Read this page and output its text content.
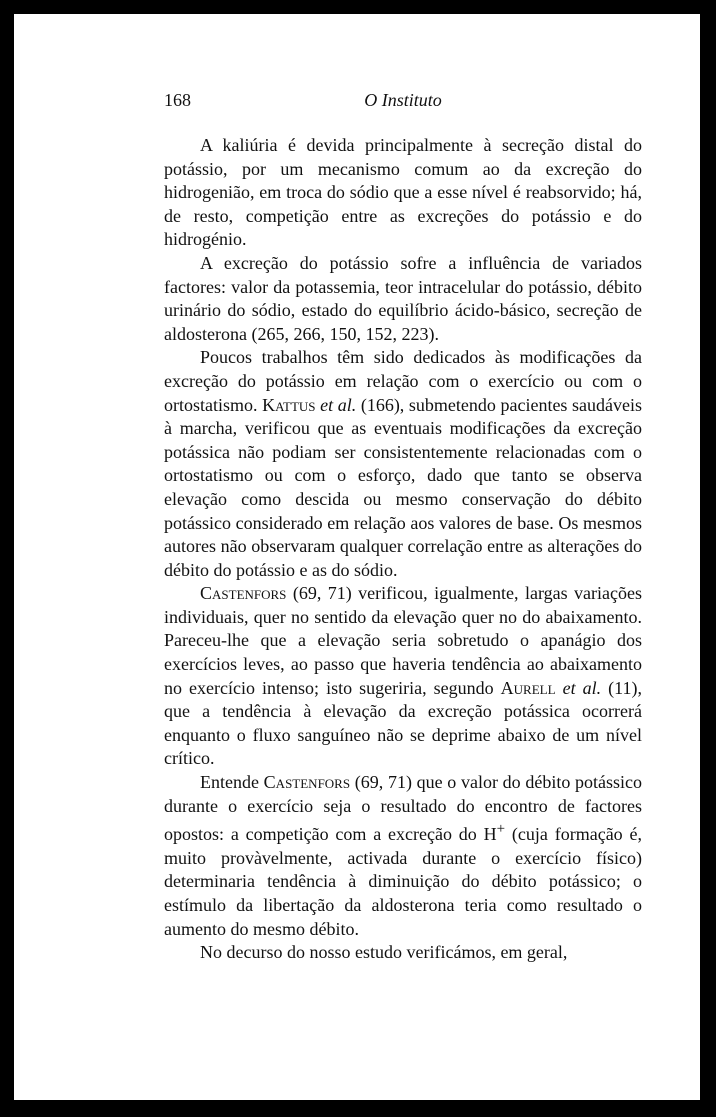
168	O Instituto

A kaliúria é devida principalmente à secreção distal do potássio, por um mecanismo comum ao da excreção do hidrogenião, em troca do sódio que a esse nível é reabsorvido; há, de resto, competição entre as excreções do potássio e do hidrogénio.

A excreção do potássio sofre a influência de variados factores: valor da potassemia, teor intracelular do potássio, débito urinário do sódio, estado do equilíbrio ácido-básico, secreção de aldosterona (265, 266, 150, 152, 223).

Poucos trabalhos têm sido dedicados às modificações da excreção do potássio em relação com o exercício ou com o ortostatismo. Kattus et al. (166), submetendo pacientes saudáveis à marcha, verificou que as eventuais modificações da excreção potássica não podiam ser consistentemente relacionadas com o ortostatismo ou com o esforço, dado que tanto se observa elevação como descida ou mesmo conservação do débito potássico considerado em relação aos valores de base. Os mesmos autores não observaram qualquer correlação entre as alterações do débito do potássio e as do sódio.

Castenfors (69, 71) verificou, igualmente, largas variações individuais, quer no sentido da elevação quer no do abaixamento. Pareceu-lhe que a elevação seria sobretudo o apanágio dos exercícios leves, ao passo que haveria tendência ao abaixamento no exercício intenso; isto sugeriria, segundo Aurell et al. (11), que a tendência à elevação da excreção potássica ocorrerá enquanto o fluxo sanguíneo não se deprime abaixo de um nível crítico.

Entende Castenfors (69, 71) que o valor do débito potássico durante o exercício seja o resultado do encontro de factores opostos: a competição com a excreção do H+ (cuja formação é, muito provàvelmente, activada durante o exercício físico) determinaria tendência à diminuição do débito potássico; o estímulo da libertação da aldosterona teria como resultado o aumento do mesmo débito.

No decurso do nosso estudo verificámos, em geral,
